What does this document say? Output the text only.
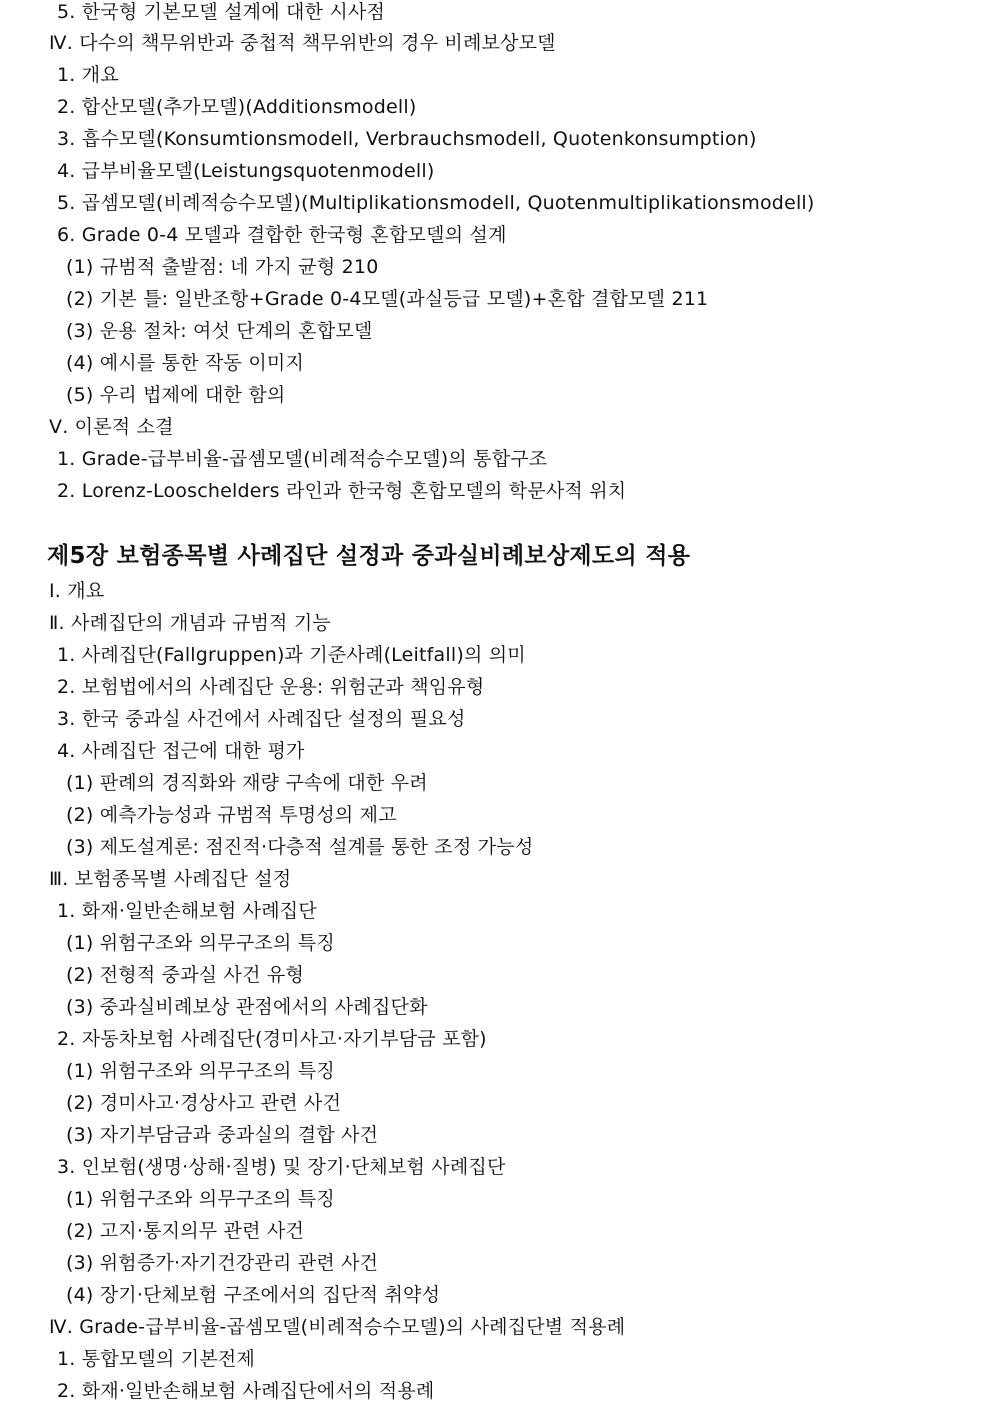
5. 한국형 기본모델 설계에 대한 시사점
Ⅳ. 다수의 책무위반과 중첩적 책무위반의 경우 비례보상모델
1. 개요
2. 합산모델(추가모델)(Additionsmodell)
3. 흡수모델(Konsumtionsmodell, Verbrauchsmodell, Quotenkonsumption)
4. 급부비율모델(Leistungsquotenmodell)
5. 곱셈모델(비례적승수모델)(Multiplikationsmodell, Quotenmultiplikationsmodell)
6. Grade 0-4 모델과 결합한 한국형 혼합모델의 설계
(1) 규범적 출발점: 네 가지 균형 210
(2) 기본 틀: 일반조항+Grade 0-4모델(과실등급 모델)+혼합 결합모델 211
(3) 운용 절차: 여섯 단계의 혼합모델
(4) 예시를 통한 작동 이미지
(5) 우리 법제에 대한 함의
Ⅴ. 이론적 소결
1. Grade-급부비율-곱셈모델(비례적승수모델)의 통합구조
2. Lorenz-Looschelders 라인과 한국형 혼합모델의 학문사적 위치
제5장 보험종목별 사례집단 설정과 중과실비례보상제도의 적용
Ⅰ. 개요
Ⅱ. 사례집단의 개념과 규범적 기능
1. 사례집단(Fallgruppen)과 기준사례(Leitfall)의 의미
2. 보험법에서의 사례집단 운용: 위험군과 책임유형
3. 한국 중과실 사건에서 사례집단 설정의 필요성
4. 사례집단 접근에 대한 평가
(1) 판례의 경직화와 재량 구속에 대한 우려
(2) 예측가능성과 규범적 투명성의 제고
(3) 제도설계론: 점진적·다층적 설계를 통한 조정 가능성
Ⅲ. 보험종목별 사례집단 설정
1. 화재·일반손해보험 사례집단
(1) 위험구조와 의무구조의 특징
(2) 전형적 중과실 사건 유형
(3) 중과실비례보상 관점에서의 사례집단화
2. 자동차보험 사례집단(경미사고·자기부담금 포함)
(1) 위험구조와 의무구조의 특징
(2) 경미사고·경상사고 관련 사건
(3) 자기부담금과 중과실의 결합 사건
3. 인보험(생명·상해·질병) 및 장기·단체보험 사례집단
(1) 위험구조와 의무구조의 특징
(2) 고지·통지의무 관련 사건
(3) 위험증가·자기건강관리 관련 사건
(4) 장기·단체보험 구조에서의 집단적 취약성
Ⅳ. Grade-급부비율-곱셈모델(비례적승수모델)의 사례집단별 적용례
1. 통합모델의 기본전제
2. 화재·일반손해보험 사례집단에서의 적용례
